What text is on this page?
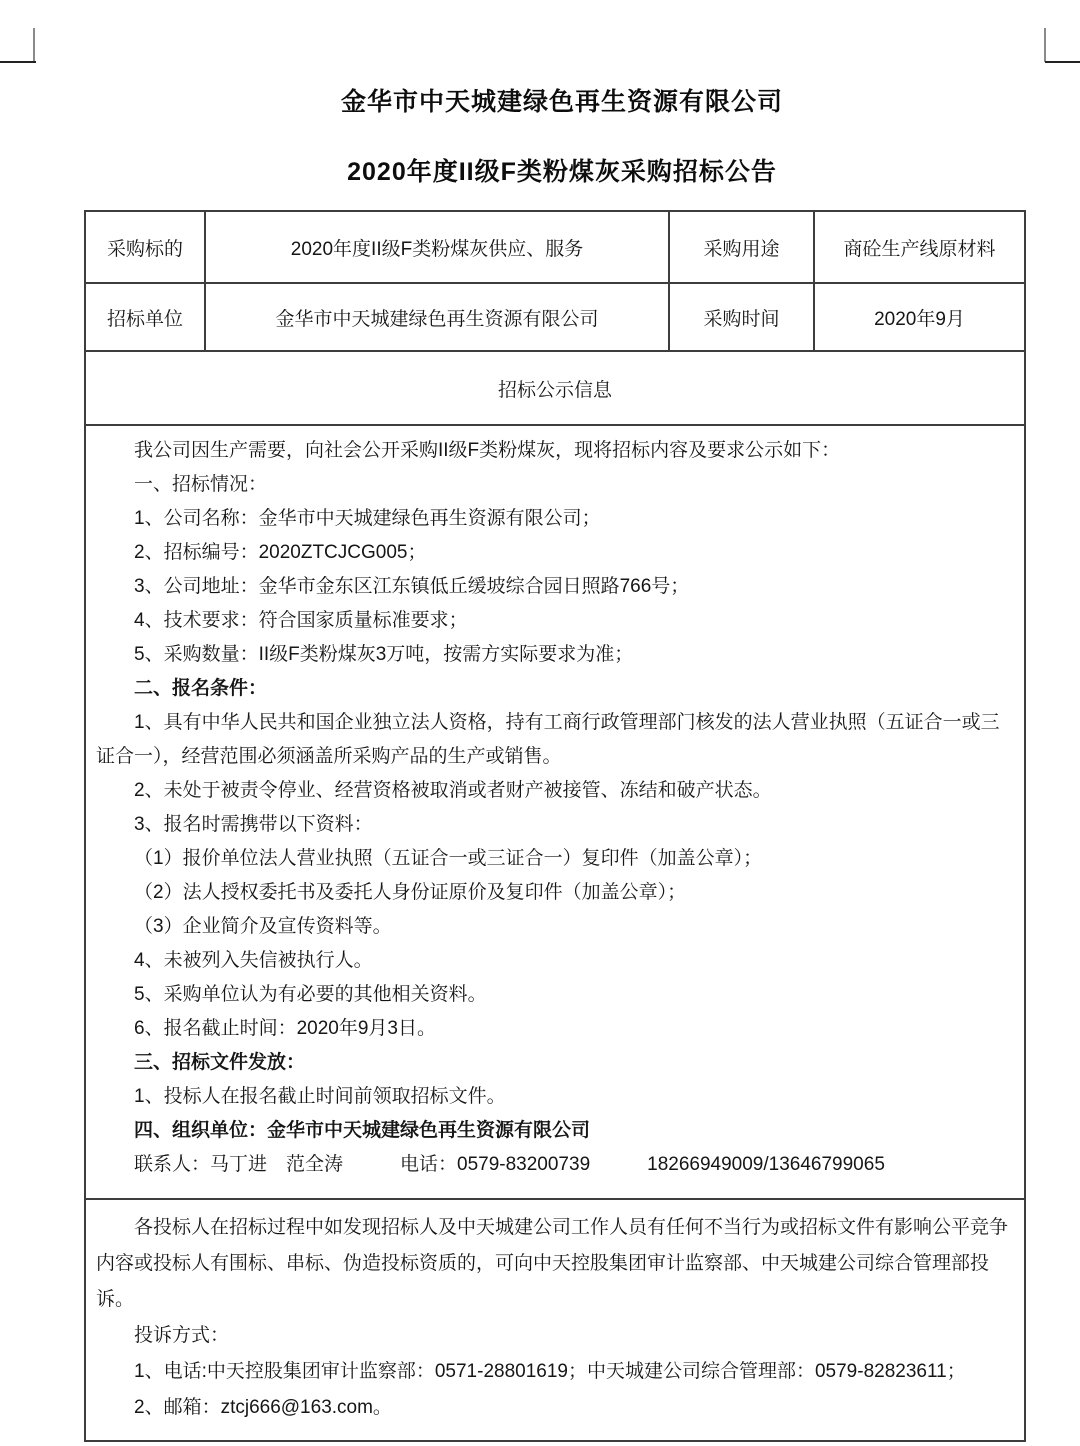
金华市中天城建绿色再生资源有限公司
2020年度II级F类粉煤灰采购招标公告
采购标的	2020年度II级F类粉煤灰供应、服务	采购用途	商砼生产线原材料
招标单位	金华市中天城建绿色再生资源有限公司	采购时间	2020年9月
招标公示信息			

我公司因生产需要，向社会公开采购II级F类粉煤灰，现将招标内容及要求公示如下：

一、招标情况：

1、公司名称：金华市中天城建绿色再生资源有限公司；

2、招标编号：2020ZTCJCG005；

3、公司地址：金华市金东区江东镇低丘缓坡综合园日照路766号；

4、技术要求：符合国家质量标准要求；

5、采购数量：II级F类粉煤灰3万吨，按需方实际要求为准；

二、报名条件：

1、具有中华人民共和国企业独立法人资格，持有工商行政管理部门核发的法人营业执照（五证合一或三证合一），经营范围必须涵盖所采购产品的生产或销售。

2、未处于被责令停业、经营资格被取消或者财产被接管、冻结和破产状态。

3、报名时需携带以下资料：

（1）报价单位法人营业执照（五证合一或三证合一）复印件（加盖公章）；

（2）法人授权委托书及委托人身份证原价及复印件（加盖公章）；

（3）企业简介及宣传资料等。

4、未被列入失信被执行人。

5、采购单位认为有必要的其他相关资料。

6、报名截止时间：2020年9月3日。

三、招标文件发放：

1、投标人在报名截止时间前领取招标文件。

四、组织单位：金华市中天城建绿色再生资源有限公司

联系人：马丁进　范全涛　　　电话：0579-83200739　　　18266949009/13646799065

各投标人在招标过程中如发现招标人及中天城建公司工作人员有任何不当行为或招标文件有影响公平竞争内容或投标人有围标、串标、伪造投标资质的，可向中天控股集团审计监察部、中天城建公司综合管理部投诉。

投诉方式：

1、电话:中天控股集团审计监察部：0571-28801619；中天城建公司综合管理部：0579-82823611；

2、邮箱：ztcj666@163.com。			
